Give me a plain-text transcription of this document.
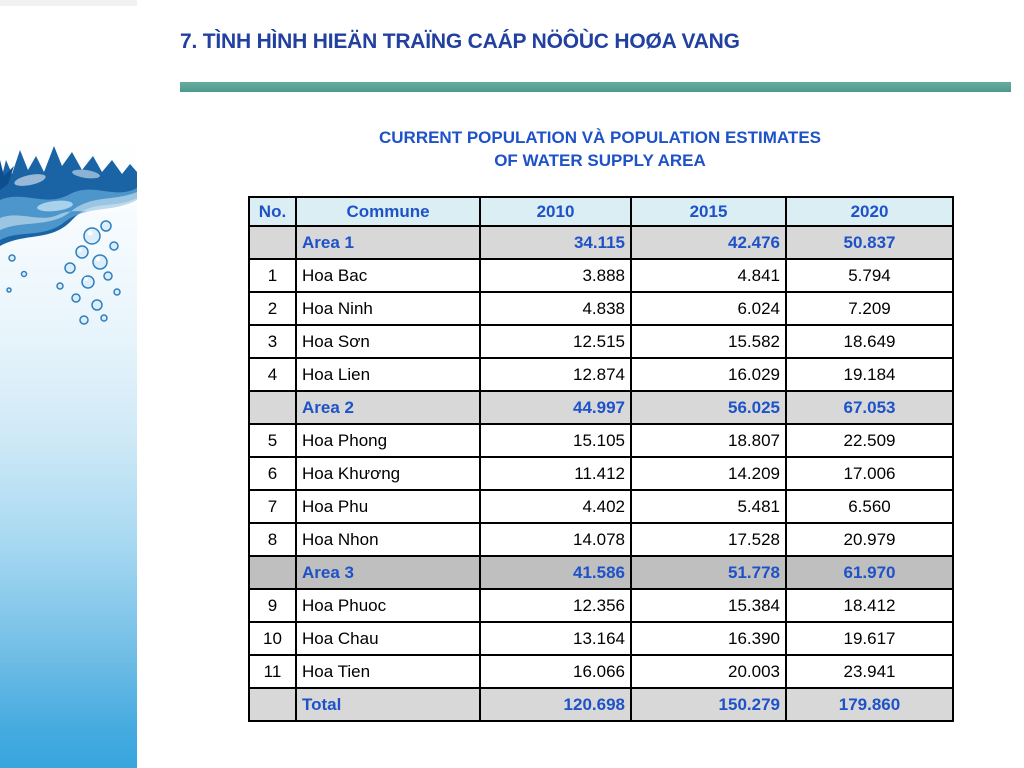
7. TÌNH HÌNH HIEÄN TRAÏNG CAÁP NÖÔÙC HOØA VANG
CURRENT POPULATION VÀ POPULATION ESTIMATES
OF WATER SUPPLY AREA
No.	Commune	2010	2015	2020
	Area 1	34.115	42.476	50.837
1	Hoa Bac	3.888	4.841	5.794
2	Hoa Ninh	4.838	6.024	7.209
3	Hoa Sơn	12.515	15.582	18.649
4	Hoa Lien	12.874	16.029	19.184
	Area 2	44.997	56.025	67.053
5	Hoa Phong	15.105	18.807	22.509
6	Hoa Khương	11.412	14.209	17.006
7	Hoa Phu	4.402	5.481	6.560
8	Hoa Nhon	14.078	17.528	20.979
	Area 3	41.586	51.778	61.970
9	Hoa Phuoc	12.356	15.384	18.412
10	Hoa Chau	13.164	16.390	19.617
11	Hoa Tien	16.066	20.003	23.941
	Total	120.698	150.279	179.860
